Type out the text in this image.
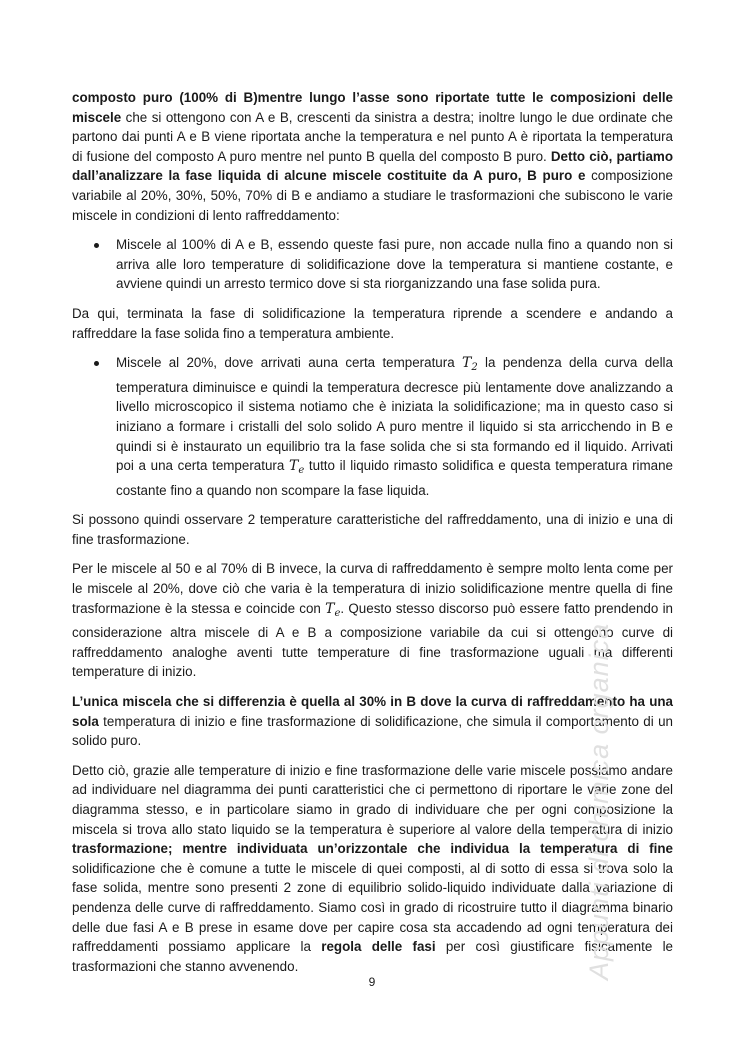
composto puro (100% di B)mentre lungo l’asse sono riportate tutte le composizioni delle miscele che si ottengono con A e B, crescenti da sinistra a destra; inoltre lungo le due ordinate che partono dai punti A e B viene riportata anche la temperatura e nel punto A è riportata la temperatura di fusione del composto A puro mentre nel punto B quella del composto B puro. Detto ciò, partiamo dall’analizzare la fase liquida di alcune miscele costituite da A puro, B puro e composizione variabile al 20%, 30%, 50%, 70% di B e andiamo a studiare le trasformazioni che subiscono le varie miscele in condizioni di lento raffreddamento:

Miscele al 100% di A e B, essendo queste fasi pure, non accade nulla fino a quando non si arriva alle loro temperature di solidificazione dove la temperatura si mantiene costante, e avviene quindi un arresto termico dove si sta riorganizzando una fase solida pura.

Da qui, terminata la fase di solidificazione la temperatura riprende a scendere e andando a raffreddare la fase solida fino a temperatura ambiente.

Miscele al 20%, dove arrivati auna certa temperatura $T_2$ la pendenza della curva della temperatura diminuisce e quindi la temperatura decresce più lentamente dove analizzando a livello microscopico il sistema notiamo che è iniziata la solidificazione; ma in questo caso si iniziano a formare i cristalli del solo solido A puro mentre il liquido si sta arricchendo in B e quindi si è instaurato un equilibrio tra la fase solida che si sta formando ed il liquido. Arrivati poi a una certa temperatura $T_e$ tutto il liquido rimasto solidifica e questa temperatura rimane costante fino a quando non scompare la fase liquida.

Si possono quindi osservare 2 temperature caratteristiche del raffreddamento, una di inizio e una di fine trasformazione.

Per le miscele al 50 e al 70% di B invece, la curva di raffreddamento è sempre molto lenta come per le miscele al 20%, dove ciò che varia è la temperatura di inizio solidificazione mentre quella di fine trasformazione è la stessa e coincide con $T_e$. Questo stesso discorso può essere fatto prendendo in considerazione altra miscele di A e B a composizione variabile da cui si ottengono curve di raffreddamento analoghe aventi tutte temperature di fine trasformazione uguali ma differenti temperature di inizio.

L’unica miscela che si differenzia è quella al 30% in B dove la curva di raffreddamento ha una sola temperatura di inizio e fine trasformazione di solidificazione, che simula il comportamento di un solido puro.

Detto ciò, grazie alle temperature di inizio e fine trasformazione delle varie miscele possiamo andare ad individuare nel diagramma dei punti caratteristici che ci permettono di riportare le varie zone del diagramma stesso, e in particolare siamo in grado di individuare che per ogni composizione la miscela si trova allo stato liquido se la temperatura è superiore al valore della temperatura di inizio trasformazione; mentre individuata un’orizzontale che individua la temperatura di fine solidificazione che è comune a tutte le miscele di quei composti, al di sotto di essa si trova solo la fase solida, mentre sono presenti 2 zone di equilibrio solido-liquido individuate dalla variazione di pendenza delle curve di raffreddamento. Siamo così in grado di ricostruire tutto il diagramma binario delle due fasi A e B prese in esame dove per capire cosa sta accadendo ad ogni temperatura dei raffreddamenti possiamo applicare la regola delle fasi per così giustificare fisicamente le trasformazioni che stanno avvenendo.	Appunti di chimica organica
9
